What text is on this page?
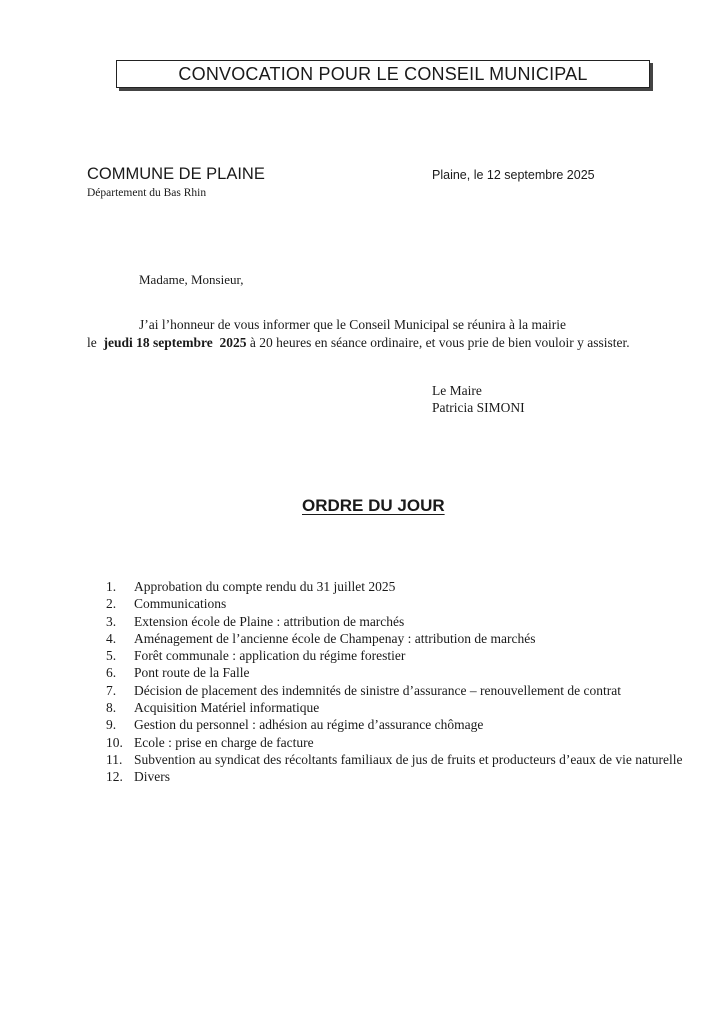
CONVOCATION POUR LE CONSEIL MUNICIPAL
COMMUNE DE PLAINE
Département du Bas Rhin
Plaine, le 12 septembre 2025
Madame, Monsieur,
J’ai l’honneur de vous informer que le Conseil Municipal se réunira à la mairie
le jeudi 18 septembre 2025 à 20 heures en séance ordinaire, et vous prie de bien vouloir y assister.
Le Maire
Patricia SIMONI
ORDRE DU JOUR
1.	Approbation du compte rendu du 31 juillet 2025
2.	Communications
3.	Extension école de Plaine : attribution de marchés
4.	Aménagement de l’ancienne école de Champenay : attribution de marchés
5.	Forêt communale : application du régime forestier
6.	Pont route de la Falle
7.	Décision de placement des indemnités de sinistre d’assurance – renouvellement de contrat
8.	Acquisition Matériel informatique
9.	Gestion du personnel : adhésion au régime d’assurance chômage
10. Ecole : prise en charge de facture
11. Subvention au syndicat des récoltants familiaux de jus de fruits et producteurs d’eaux de vie naturelle
12. Divers
